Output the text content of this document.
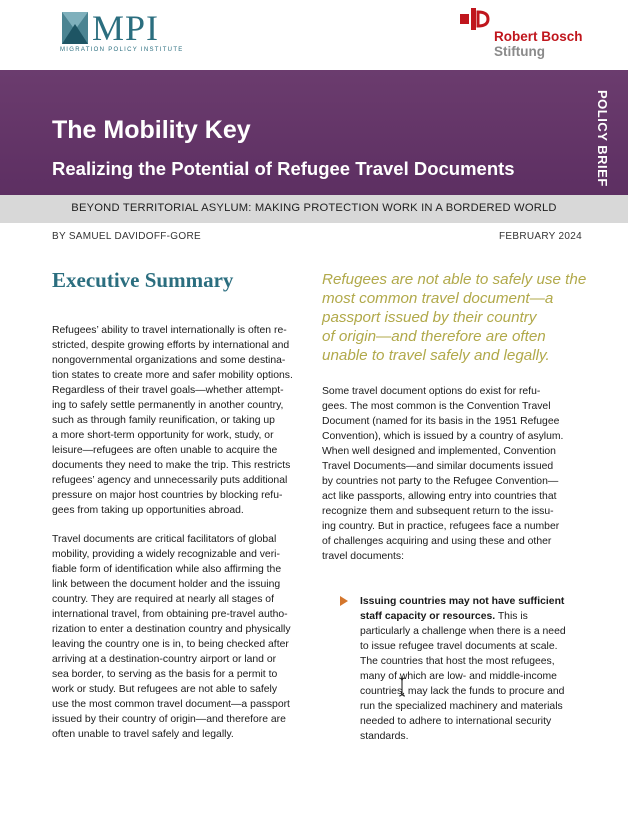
MPI
MIGRATION POLICY INSTITUTE
Robert Bosch
Stiftung
The Mobility Key
Realizing the Potential of Refugee Travel Documents	POLICY BRIEF
BEYOND TERRITORIAL ASYLUM: MAKING PROTECTION WORK IN A BORDERED WORLD
BY SAMUEL DAVIDOFF-GORE	FEBRUARY 2024
Executive Summary

Refugees’ ability to travel internationally is often re-
stricted, despite growing efforts by international and
nongovernmental organizations and some destina-
tion states to create more and safer mobility options.
Regardless of their travel goals—whether attempt-
ing to safely settle permanently in another country,
such as through family reunification, or taking up
a more short-term opportunity for work, study, or
leisure—refugees are often unable to acquire the
documents they need to make the trip. This restricts
refugees’ agency and unnecessarily puts additional
pressure on major host countries by blocking refu-
gees from taking up opportunities abroad.

Travel documents are critical facilitators of global
mobility, providing a widely recognizable and veri-
fiable form of identification while also affirming the
link between the document holder and the issuing
country. They are required at nearly all stages of
international travel, from obtaining pre-travel autho-
rization to enter a destination country and physically
leaving the country one is in, to being checked after
arriving at a destination-country airport or land or
sea border, to serving as the basis for a permit to
work or study. But refugees are not able to safely
use the most common travel document—a passport
issued by their country of origin—and therefore are
often unable to travel safely and legally.

Refugees are not able to safely use the
most common travel document—a
passport issued by their country
of origin—and therefore are often
unable to travel safely and legally.

Some travel document options do exist for refu-
gees. The most common is the Convention Travel
Document (named for its basis in the 1951 Refugee
Convention), which is issued by a country of asylum.
When well designed and implemented, Convention
Travel Documents—and similar documents issued
by countries not party to the Refugee Convention—
act like passports, allowing entry into countries that
recognize them and subsequent return to the issu-
ing country. But in practice, refugees face a number
of challenges acquiring and using these and other
travel documents:

Issuing countries may not have sufficient
staff capacity or resources. This is
particularly a challenge when there is a need
to issue refugee travel documents at scale.
The countries that host the most refugees,
many of which are low- and middle-income
countries, may lack the funds to procure and
run the specialized machinery and materials
needed to adhere to international security
standards.
